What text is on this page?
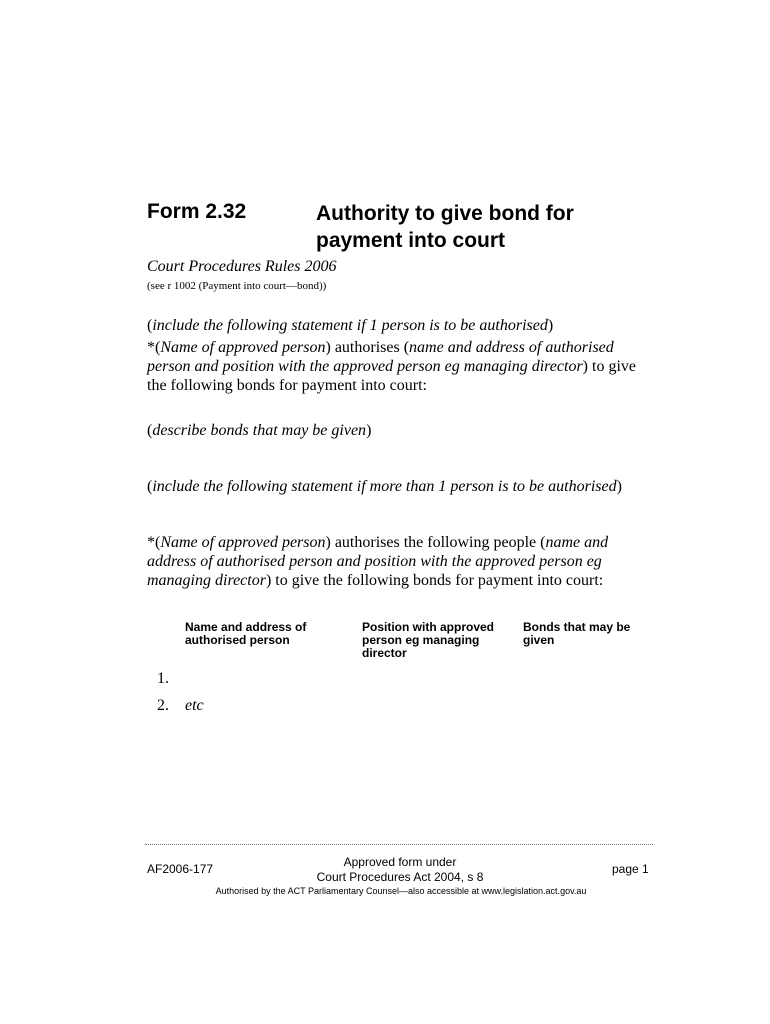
Form 2.32	Authority to give bond for payment into court
Court Procedures Rules 2006
(see r 1002 (Payment into court—bond))
(include the following statement if 1 person is to be authorised)
*(Name of approved person) authorises (name and address of authorised person and position with the approved person eg managing director) to give the following bonds for payment into court:
(describe bonds that may be given)
(include the following statement if more than 1 person is to be authorised)
*(Name of approved person) authorises the following people (name and address of authorised person and position with the approved person eg managing director) to give the following bonds for payment into court:
Name and address of authorised person
Position with approved person eg managing director
Bonds that may be given
1.
2. etc
AF2006-177	Approved form under
Court Procedures Act 2004, s 8
page 1
Authorised by the ACT Parliamentary Counsel—also accessible at www.legislation.act.gov.au
